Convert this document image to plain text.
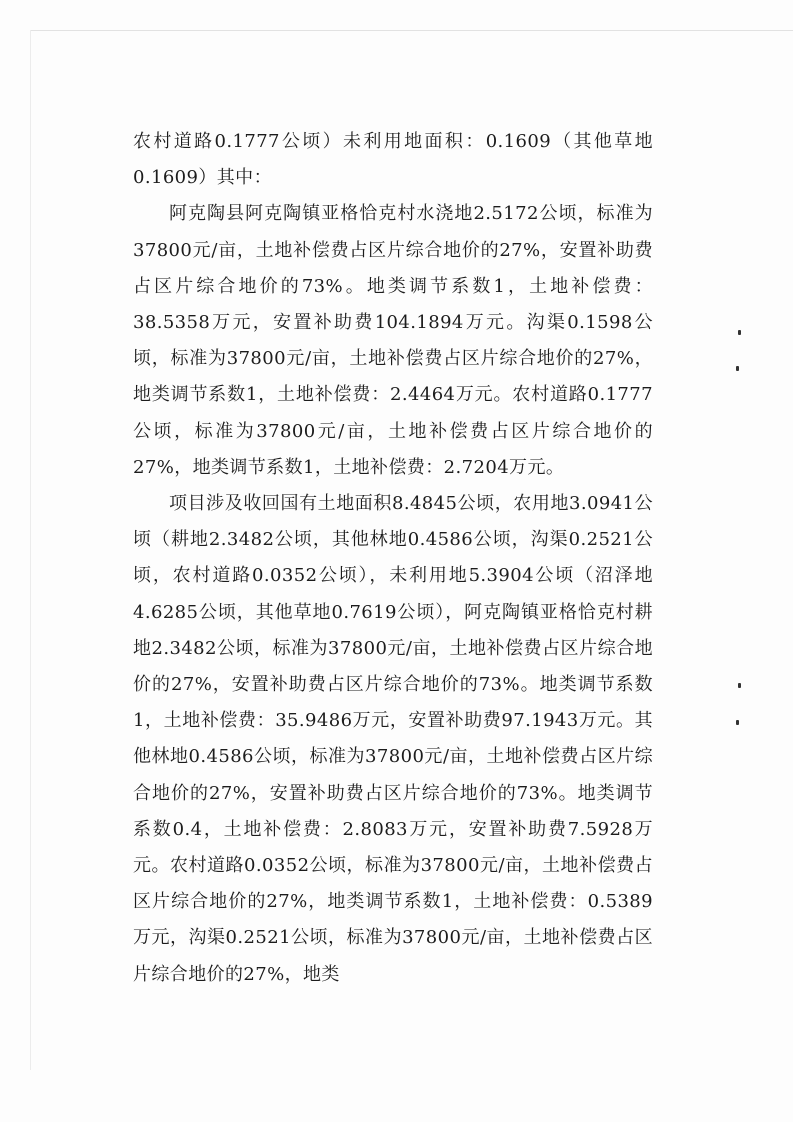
农村道路0.1777公顷）未利用地面积：0.1609（其他草地0.1609）其中：

阿克陶县阿克陶镇亚格恰克村水浇地2.5172公顷，标准为37800元/亩，土地补偿费占区片综合地价的27%，安置补助费占区片综合地价的73%。地类调节系数1，土地补偿费：38.5358万元，安置补助费104.1894万元。沟渠0.1598公顷，标准为37800元/亩，土地补偿费占区片综合地价的27%，地类调节系数1，土地补偿费：2.4464万元。农村道路0.1777公顷，标准为37800元/亩，土地补偿费占区片综合地价的27%，地类调节系数1，土地补偿费：2.7204万元。

项目涉及收回国有土地面积8.4845公顷，农用地3.0941公顷（耕地2.3482公顷，其他林地0.4586公顷，沟渠0.2521公顷，农村道路0.0352公顷），未利用地5.3904公顷（沼泽地4.6285公顷，其他草地0.7619公顷），阿克陶镇亚格恰克村耕地2.3482公顷，标准为37800元/亩，土地补偿费占区片综合地价的27%，安置补助费占区片综合地价的73%。地类调节系数1，土地补偿费：35.9486万元，安置补助费97.1943万元。其他林地0.4586公顷，标准为37800元/亩，土地补偿费占区片综合地价的27%，安置补助费占区片综合地价的73%。地类调节系数0.4，土地补偿费：2.8083万元，安置补助费7.5928万元。农村道路0.0352公顷，标准为37800元/亩，土地补偿费占区片综合地价的27%，地类调节系数1，土地补偿费：0.5389万元，沟渠0.2521公顷，标准为37800元/亩，土地补偿费占区片综合地价的27%，地类
